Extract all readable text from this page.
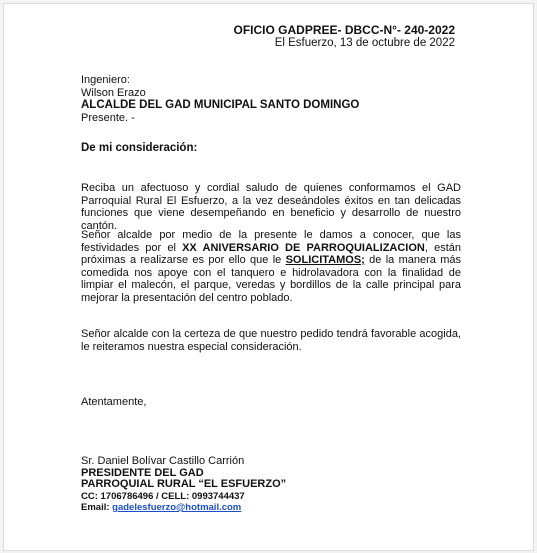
OFICIO GADPREE- DBCC-N°- 240-2022
El Esfuerzo, 13 de octubre de 2022
Ingeniero:
Wilson Erazo
ALCALDE DEL GAD MUNICIPAL SANTO DOMINGO
Presente. -
De mi consideración:
Reciba un afectuoso y cordial saludo de quienes conformamos el GAD Parroquial Rural El Esfuerzo, a la vez deseándoles éxitos en tan delicadas funciones que viene desempeñando en beneficio y desarrollo de nuestro cantón.
Señor alcalde por medio de la presente le damos a conocer, que las festividades por el XX ANIVERSARIO DE PARROQUIALIZACION, están próximas a realizarse es por ello que le SOLICITAMOS; de la manera más comedida nos apoye con el tanquero e hidrolavadora con la finalidad de limpiar el malecón, el parque, veredas y bordillos de la calle principal para mejorar la presentación del centro poblado.
Señor alcalde con la certeza de que nuestro pedido tendrá favorable acogida, le reiteramos nuestra especial consideración.
Atentamente,
Sr. Daniel Bolívar Castillo Carrión
PRESIDENTE DEL GAD
PARROQUIAL RURAL “EL ESFUERZO”
CC: 1706786496 / CELL: 0993744437
Email: gadelesfuerzo@hotmail.com
